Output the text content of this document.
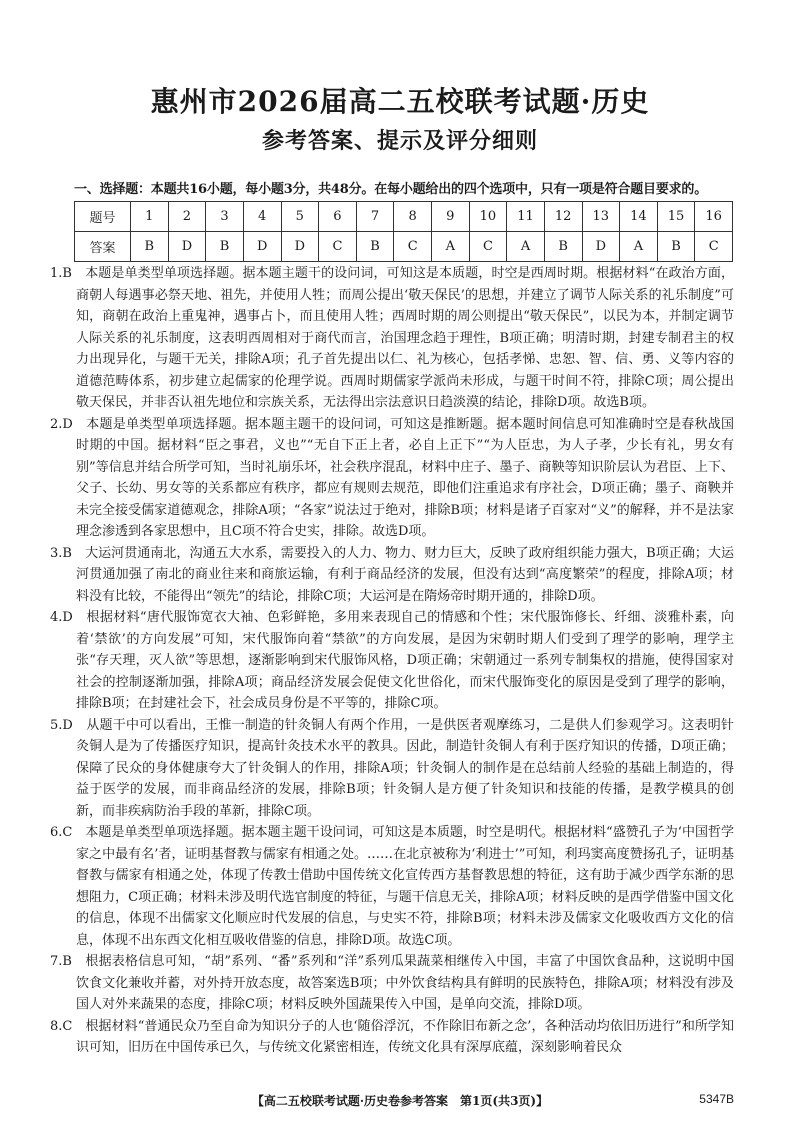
惠州市2026届高二五校联考试题·历史
参考答案、提示及评分细则
一、选择题：本题共16小题，每小题3分，共48分。在每小题给出的四个选项中，只有一项是符合题目要求的。
题号	1	2	3	4	5	6	7	8	9	10	11	12	13	14	15	16
答案	B	D	B	D	D	C	B	C	A	C	A	B	D	A	B	C

1.B　 本题是单类型单项选择题。据本题主题干的设问词，可知这是本质题，时空是西周时期。根据材料“在政治方面，商朝人每遇事必祭天地、祖先，并使用人牲；而周公提出‘敬天保民’的思想，并建立了调节人际关系的礼乐制度”可知，商朝在政治上重鬼神，遇事占卜，而且使用人牲；西周时期的周公则提出“敬天保民”，以民为本，并制定调节人际关系的礼乐制度，这表明西周相对于商代而言，治国理念趋于理性，B项正确；明清时期，封建专制君主的权力出现异化，与题干无关，排除A项；孔子首先提出以仁、礼为核心，包括孝悌、忠恕、智、信、勇、义等内容的道德范畴体系，初步建立起儒家的伦理学说。西周时期儒家学派尚未形成，与题干时间不符，排除C项；周公提出敬天保民，并非否认祖先地位和宗族关系，无法得出宗法意识日趋淡漠的结论，排除D项。故选B项。

2.D　 本题是单类型单项选择题。据本题主题干的设问词，可知这是推断题。据本题时间信息可知准确时空是春秋战国时期的中国。据材料“臣之事君，义也”“无自下正上者，必自上正下”“为人臣忠，为人子孝，少长有礼，男女有别”等信息并结合所学可知，当时礼崩乐坏，社会秩序混乱，材料中庄子、墨子、商鞅等知识阶层认为君臣、上下、父子、长幼、男女等的关系都应有秩序，都应有规则去规范，即他们注重追求有序社会，D项正确；墨子、商鞅并未完全接受儒家道德观念，排除A项；“各家”说法过于绝对，排除B项；材料是诸子百家对“义”的解释，并不是法家理念渗透到各家思想中，且C项不符合史实，排除。故选D项。

3.B　 大运河贯通南北，沟通五大水系，需要投入的人力、物力、财力巨大，反映了政府组织能力强大，B项正确；大运河贯通加强了南北的商业往来和商旅运输，有利于商品经济的发展，但没有达到“高度繁荣”的程度，排除A项；材料没有比较，不能得出“领先”的结论，排除C项；大运河是在隋炀帝时期开通的，排除D项。

4.D　 根据材料“唐代服饰宽衣大袖、色彩鲜艳，多用来表现自己的情感和个性；宋代服饰修长、纤细、淡雅朴素，向着‘禁欲’的方向发展”可知，宋代服饰向着“禁欲”的方向发展，是因为宋朝时期人们受到了理学的影响，理学主张“存天理，灭人欲”等思想，逐渐影响到宋代服饰风格，D项正确；宋朝通过一系列专制集权的措施，使得国家对社会的控制逐渐加强，排除A项；商品经济发展会促使文化世俗化，而宋代服饰变化的原因是受到了理学的影响，排除B项；在封建社会下，社会成员身份是不平等的，排除C项。

5.D　 从题干中可以看出，王惟一制造的针灸铜人有两个作用，一是供医者观摩练习，二是供人们参观学习。这表明针灸铜人是为了传播医疗知识，提高针灸技术水平的教具。因此，制造针灸铜人有利于医疗知识的传播，D项正确；保障了民众的身体健康夸大了针灸铜人的作用，排除A项；针灸铜人的制作是在总结前人经验的基础上制造的，得益于医学的发展，而非商品经济的发展，排除B项；针灸铜人是方便了针灸知识和技能的传播，是教学模具的创新，而非疾病防治手段的革新，排除C项。

6.C　 本题是单类型单项选择题。据本题主题干设问词，可知这是本质题，时空是明代。根据材料“盛赞孔子为‘中国哲学家之中最有名’者，证明基督教与儒家有相通之处。……在北京被称为‘利进士’”可知，利玛窦高度赞扬孔子，证明基督教与儒家有相通之处，体现了传教士借助中国传统文化宣传西方基督教思想的特征，这有助于减少西学东渐的思想阻力，C项正确；材料未涉及明代选官制度的特征，与题干信息无关，排除A项；材料反映的是西学借鉴中国文化的信息，体现不出儒家文化顺应时代发展的信息，与史实不符，排除B项；材料未涉及儒家文化吸收西方文化的信息，体现不出东西文化相互吸收借鉴的信息，排除D项。故选C项。

7.B　 根据表格信息可知，“胡”系列、“番”系列和“洋”系列瓜果蔬菜相继传入中国，丰富了中国饮食品种，这说明中国饮食文化兼收并蓄，对外持开放态度，故答案选B项；中外饮食结构具有鲜明的民族特色，排除A项；材料没有涉及国人对外来蔬果的态度，排除C项；材料反映外国蔬果传入中国，是单向交流，排除D项。

8.C　 根据材料“普通民众乃至自命为知识分子的人也‘随俗浮沉，不作除旧布新之念’，各种活动均依旧历进行”和所学知识可知，旧历在中国传承已久，与传统文化紧密相连，传统文化具有深厚底蕴，深刻影响着民众

【高二五校联考试题·历史卷参考答案　第1页(共3页)】	5347B
